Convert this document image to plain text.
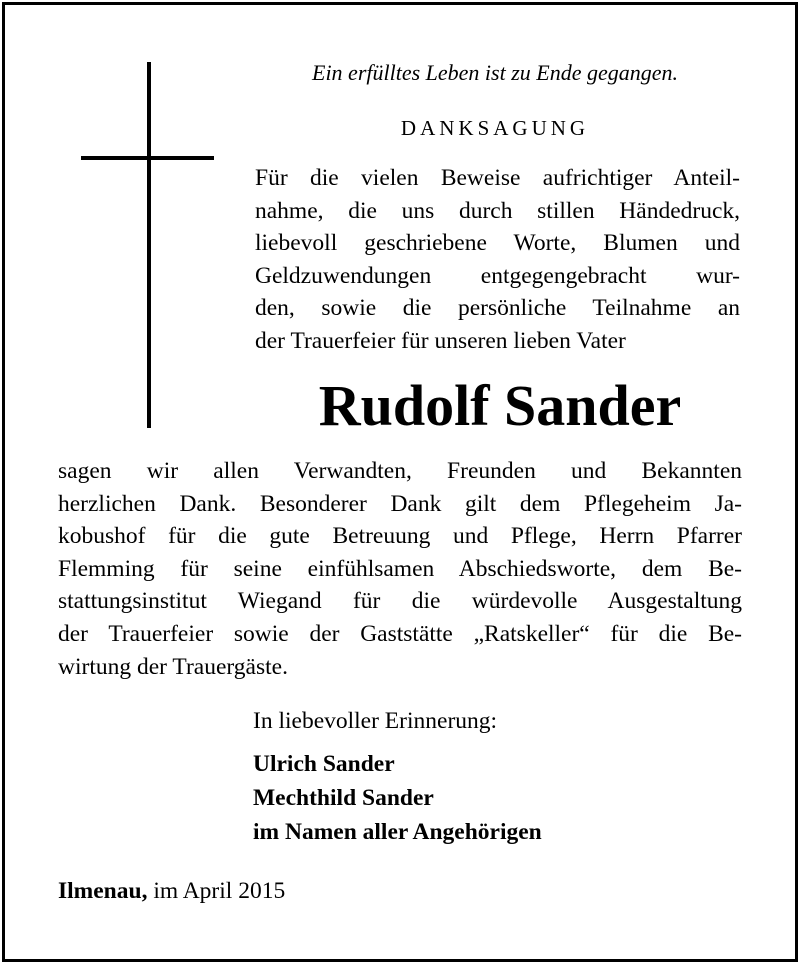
Ein erfülltes Leben ist zu Ende gegangen.
DANKSAGUNG
Für die vielen Beweise aufrichtiger Anteil-
nahme, die uns durch stillen Händedruck,
liebevoll geschriebene Worte, Blumen und
Geldzuwendungen entgegengebracht wur-
den, sowie die persönliche Teilnahme an
der Trauerfeier für unseren lieben Vater
Rudolf Sander
sagen wir allen Verwandten, Freunden und Bekannten
herzlichen Dank. Besonderer Dank gilt dem Pflegeheim Ja-
kobushof für die gute Betreuung und Pflege, Herrn Pfarrer
Flemming für seine einfühlsamen Abschiedsworte, dem Be-
stattungsinstitut Wiegand für die würdevolle Ausgestaltung
der Trauerfeier sowie der Gaststätte „Ratskeller“ für die Be-
wirtung der Trauergäste.
In liebevoller Erinnerung:
Ulrich Sander
Mechthild Sander
im Namen aller Angehörigen
Ilmenau, im April 2015
